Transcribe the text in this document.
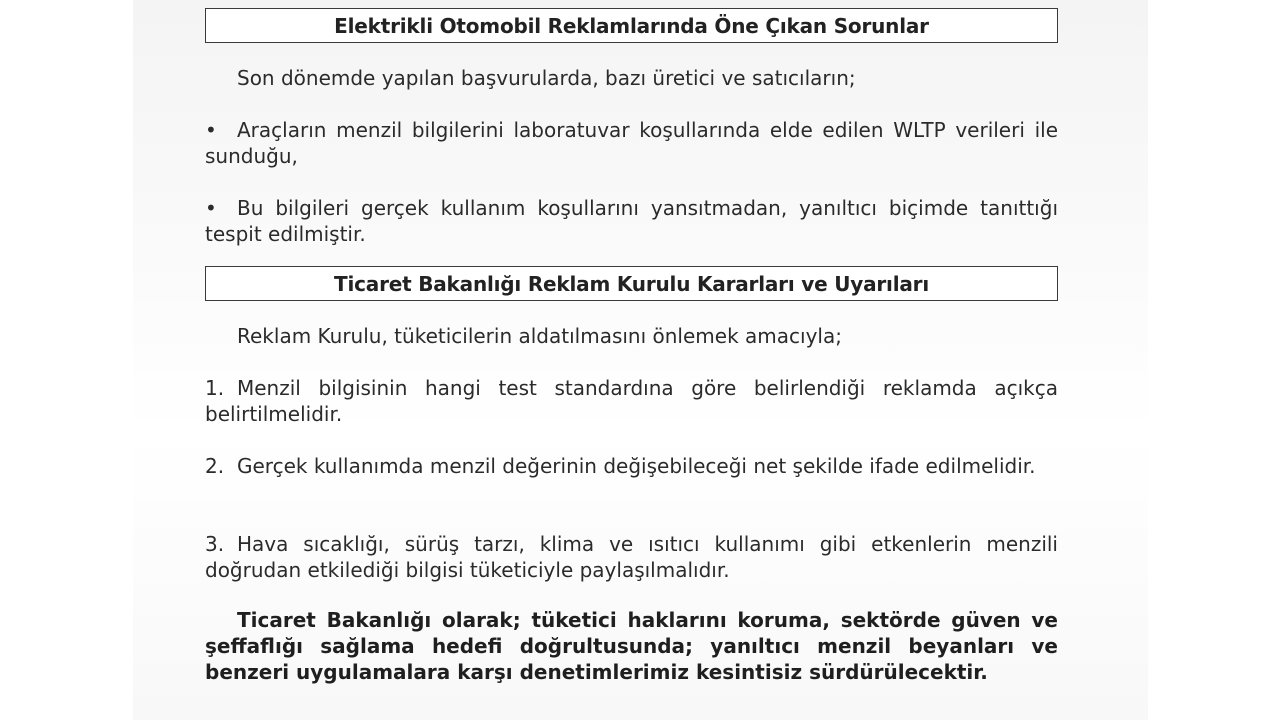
Elektrikli Otomobil Reklamlarında Öne Çıkan Sorunlar
Son dönemde yapılan başvurularda, bazı üretici ve satıcıların;
• Araçların menzil bilgilerini laboratuvar koşullarında elde edilen WLTP verileri ile sunduğu,
• Bu bilgileri gerçek kullanım koşullarını yansıtmadan, yanıltıcı biçimde tanıttığı tespit edilmiştir.
Ticaret Bakanlığı Reklam Kurulu Kararları ve Uyarıları
Reklam Kurulu, tüketicilerin aldatılmasını önlemek amacıyla;
1. Menzil bilgisinin hangi test standardına göre belirlendiği reklamda açıkça belirtilmelidir.
2. Gerçek kullanımda menzil değerinin değişebileceği net şekilde ifade edilmelidir.
3. Hava sıcaklığı, sürüş tarzı, klima ve ısıtıcı kullanımı gibi etkenlerin menzili doğrudan etkilediği bilgisi tüketiciyle paylaşılmalıdır.
Ticaret Bakanlığı olarak; tüketici haklarını koruma, sektörde güven ve şeffaflığı sağlama hedefi doğrultusunda; yanıltıcı menzil beyanları ve benzeri uygulamalara karşı denetimlerimiz kesintisiz sürdürülecektir.
